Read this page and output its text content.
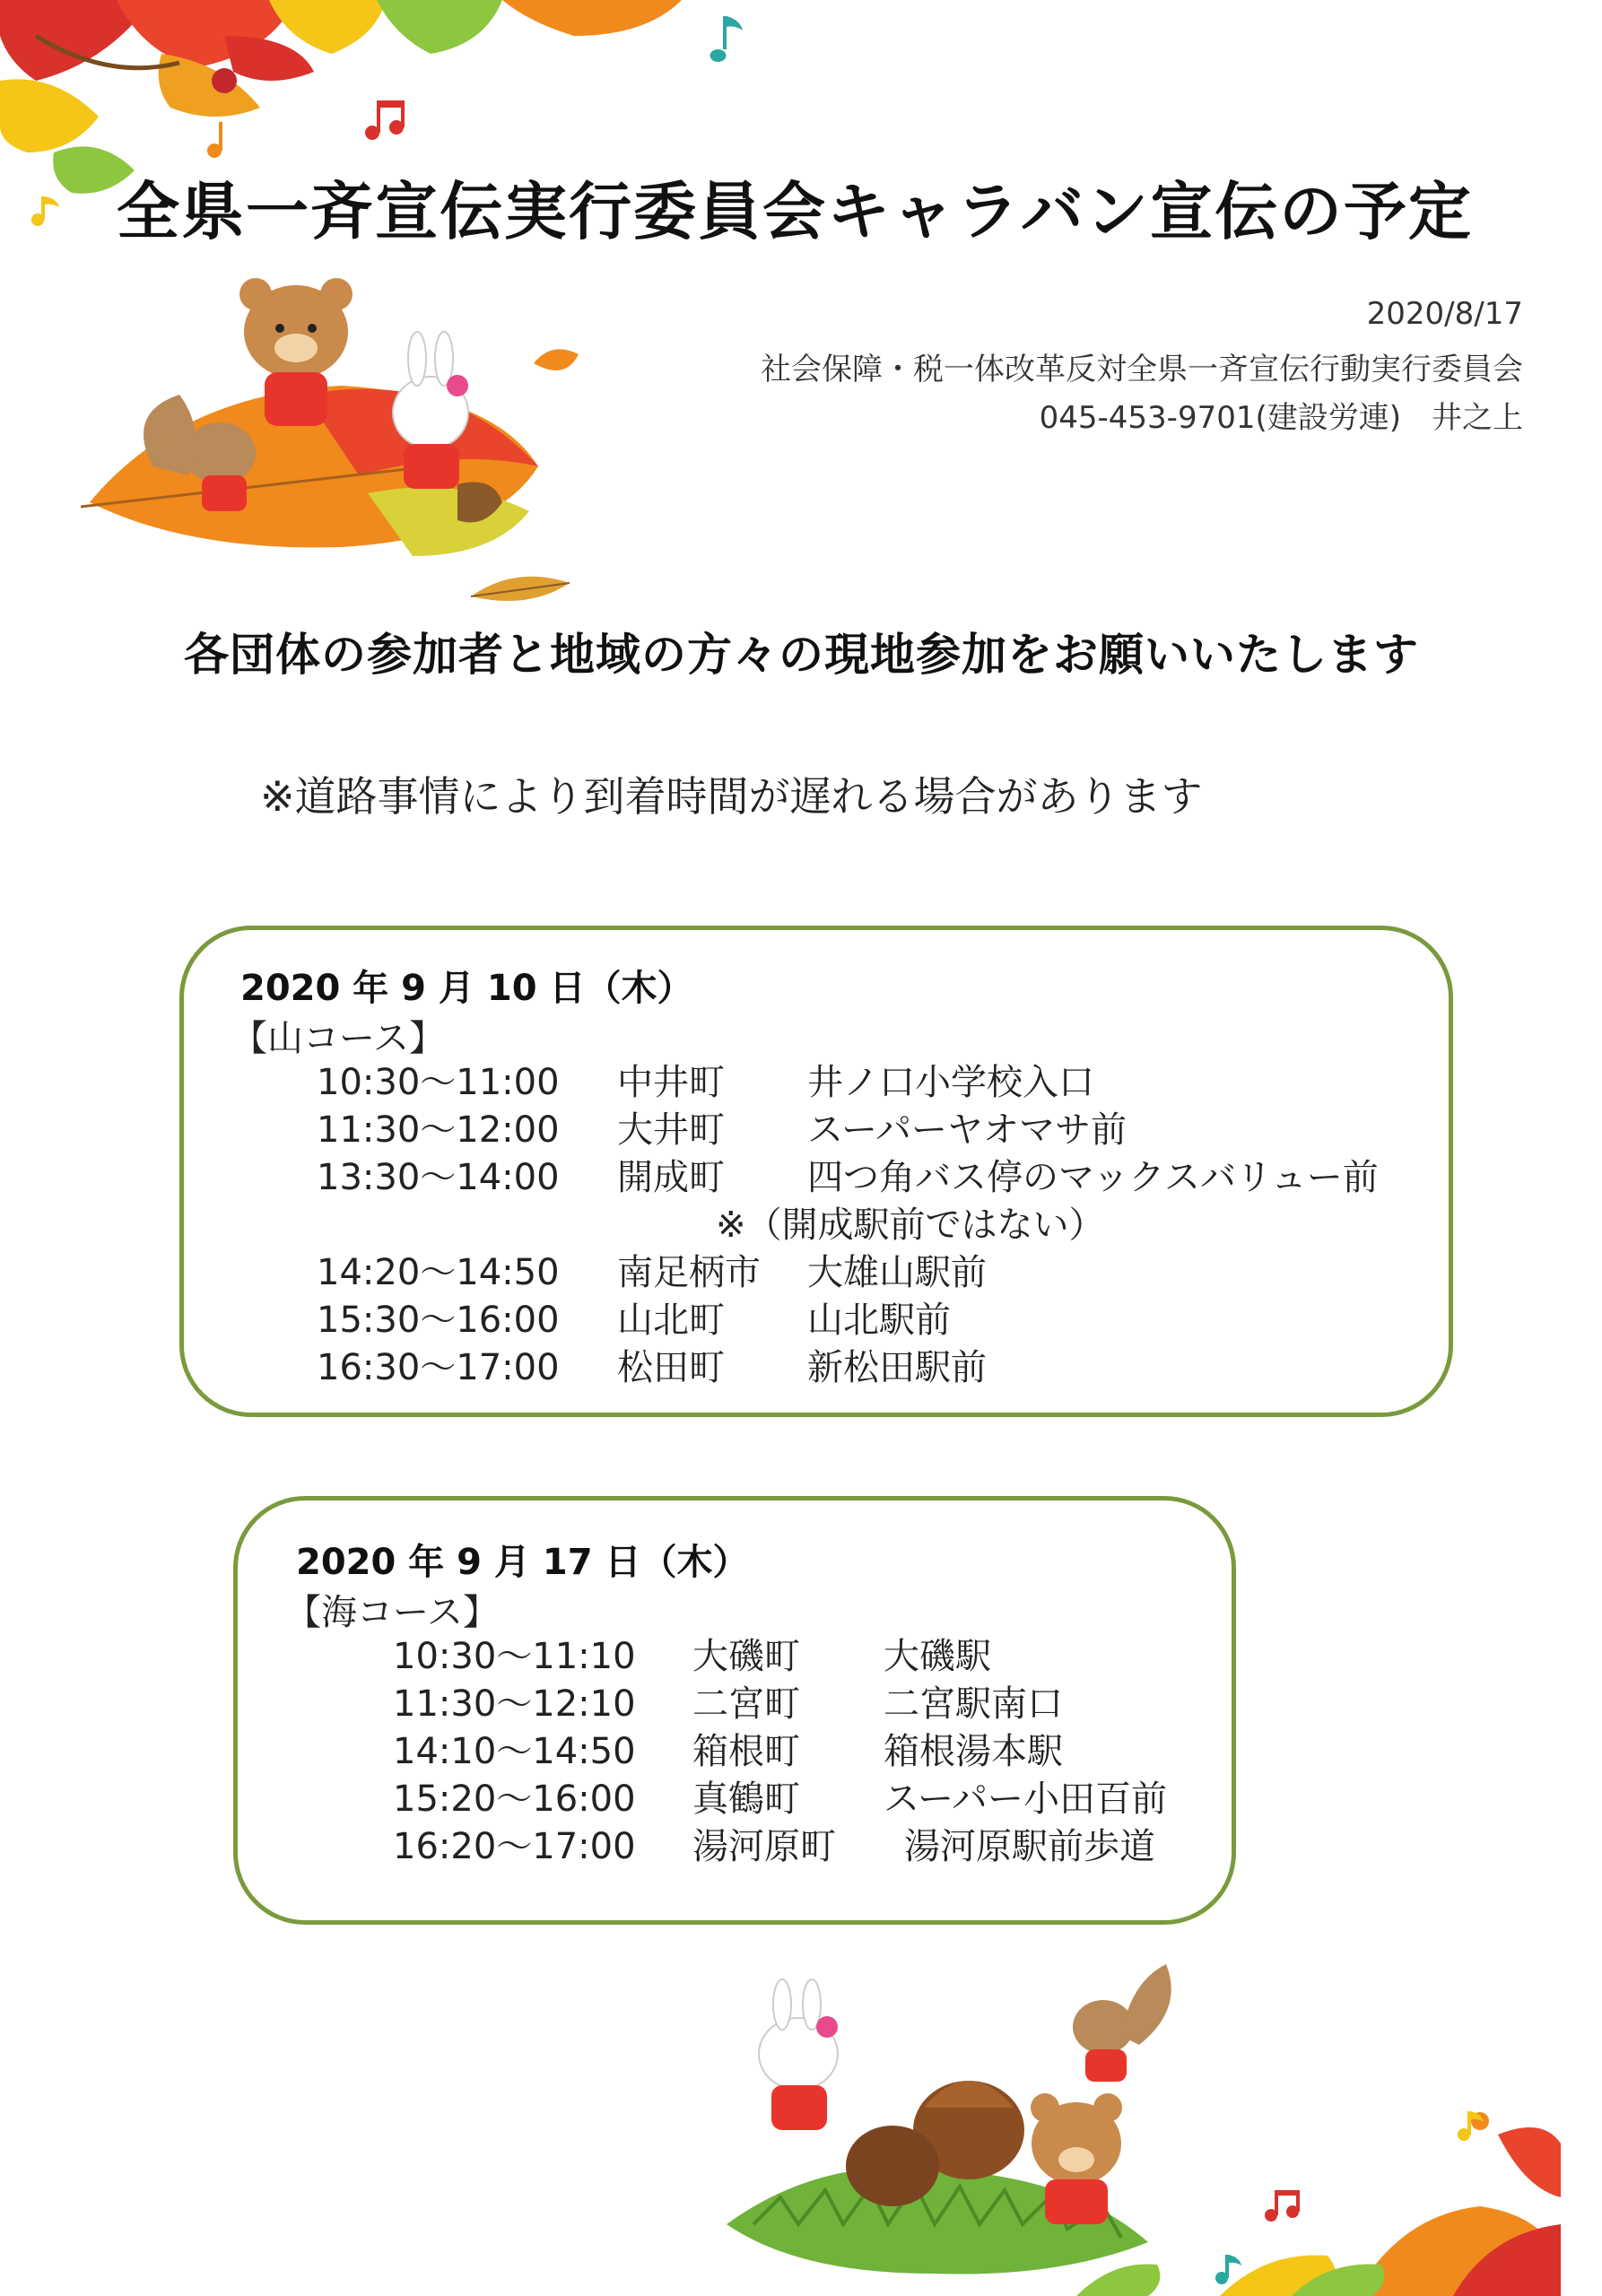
全県一斉宣伝実行委員会キャラバン宣伝の予定
2020/8/17
社会保障・税一体改革反対全県一斉宣伝行動実行委員会
045-453-9701(建設労連)　井之上
各団体の参加者と地域の方々の現地参加をお願いいたします
※道路事情により到着時間が遅れる場合があります
2020 年 9 月 10 日（木）
【山コース】
10:30～11:00 中井町 井ノ口小学校入口
11:30～12:00 大井町 スーパーヤオマサ前
13:30～14:00 開成町 四つ角バス停のマックスバリュー前
※（開成駅前ではない）
14:20～14:50 南足柄市 大雄山駅前
15:30～16:00 山北町 山北駅前
16:30～17:00 松田町 新松田駅前
2020 年 9 月 17 日（木）
【海コース】
10:30～11:10 大磯町 大磯駅
11:30～12:10 二宮町 二宮駅南口
14:10～14:50 箱根町 箱根湯本駅
15:20～16:00 真鶴町 スーパー小田百前
16:20～17:00 湯河原町 湯河原駅前歩道
